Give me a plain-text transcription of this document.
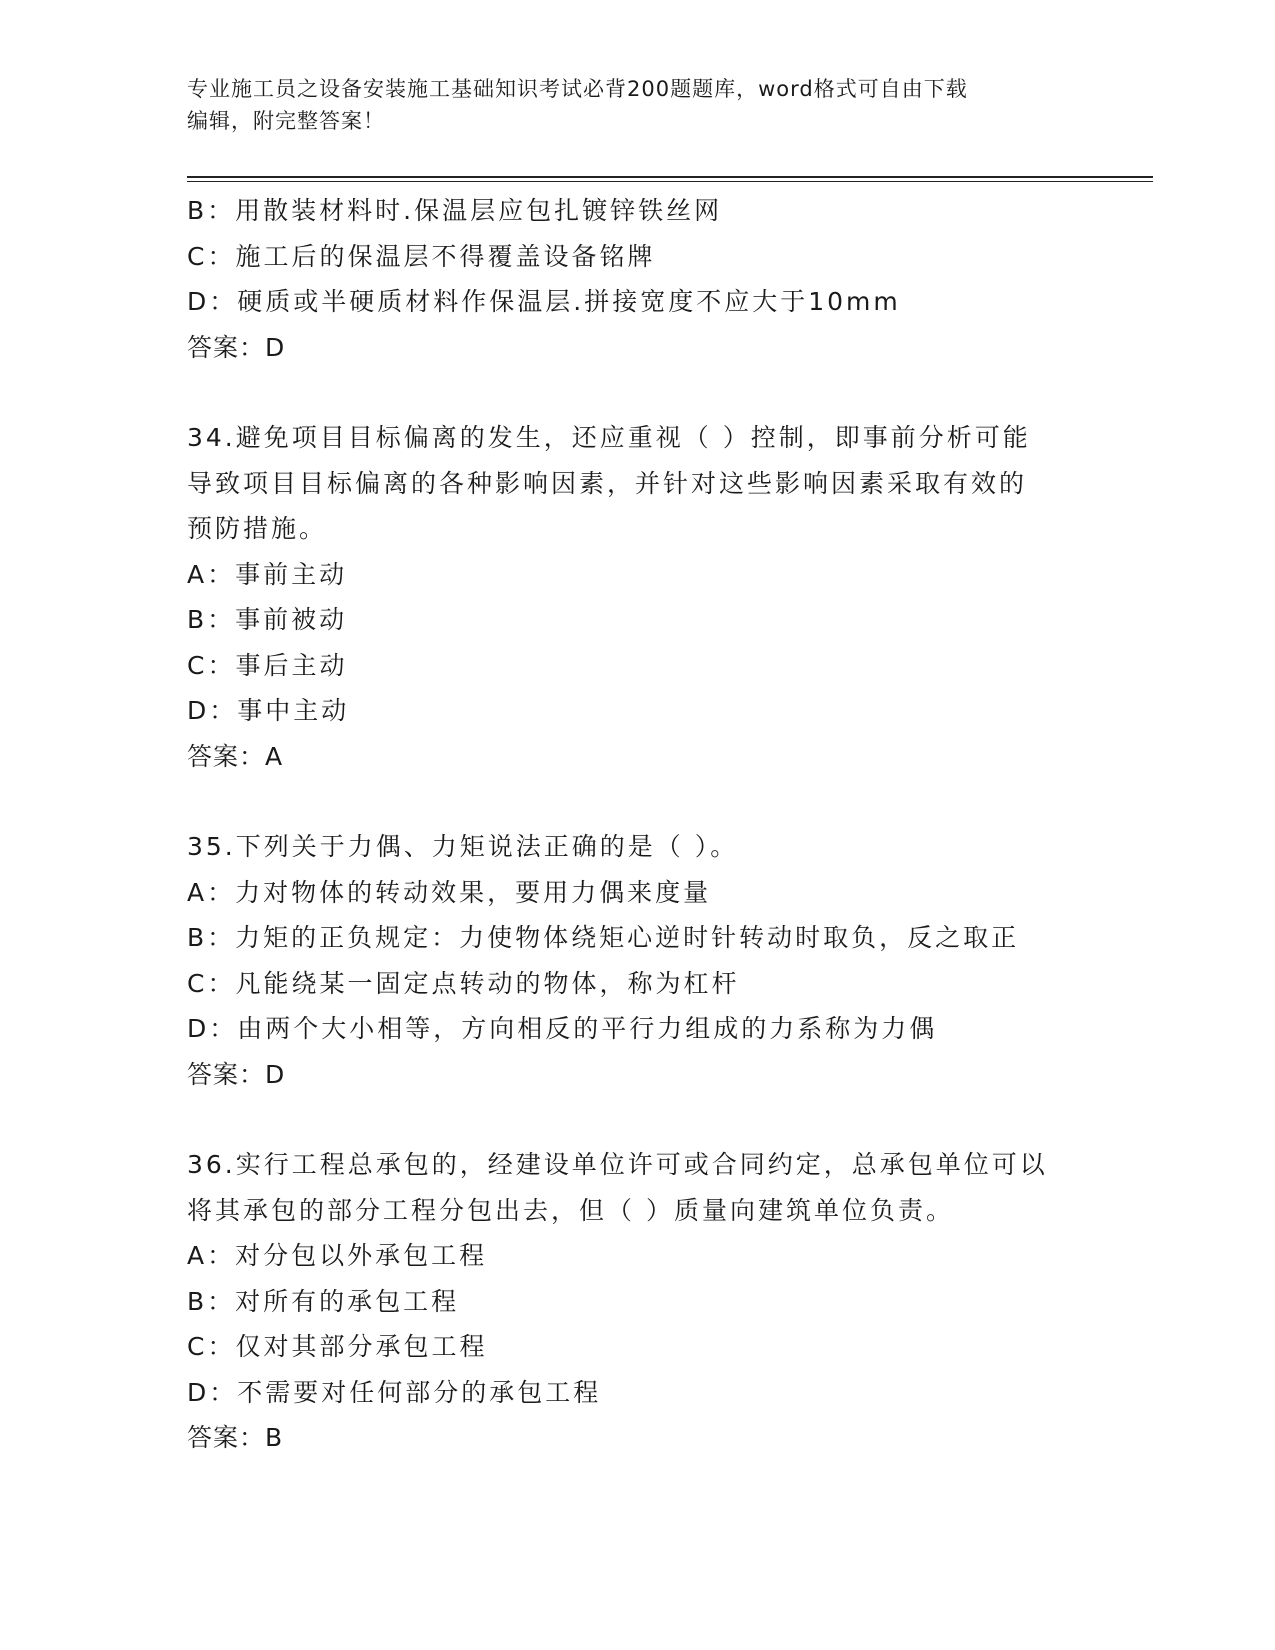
专业施工员之设备安装施工基础知识考试必背200题题库，word格式可自由下载
编辑，附完整答案！
B：用散装材料时.保温层应包扎镀锌铁丝网
C：施工后的保温层不得覆盖设备铭牌
D：硬质或半硬质材料作保温层.拼接宽度不应大于10mm
答案：D
34.避免项目目标偏离的发生，还应重视（ ）控制，即事前分析可能
导致项目目标偏离的各种影响因素，并针对这些影响因素采取有效的
预防措施。
A：事前主动
B：事前被动
C：事后主动
D：事中主动
答案：A
35.下列关于力偶、力矩说法正确的是（ ）。
A：力对物体的转动效果，要用力偶来度量
B：力矩的正负规定：力使物体绕矩心逆时针转动时取负，反之取正
C：凡能绕某一固定点转动的物体，称为杠杆
D：由两个大小相等，方向相反的平行力组成的力系称为力偶
答案：D
36.实行工程总承包的，经建设单位许可或合同约定，总承包单位可以
将其承包的部分工程分包出去，但（ ）质量向建筑单位负责。
A：对分包以外承包工程
B：对所有的承包工程
C：仅对其部分承包工程
D：不需要对任何部分的承包工程
答案：B
